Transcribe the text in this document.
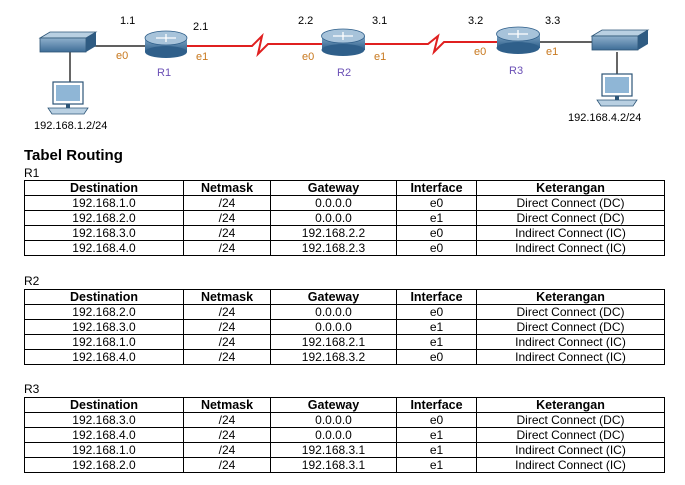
1.1	2.1	2.2	3.1	3.2	3.3
e0	e1	e0	e1	e0	e1
R1	R2	R3
192.168.1.2/24
192.168.4.2/24
Tabel Routing
R1
Destination	Netmask	Gateway	Interface	Keterangan
192.168.1.0	/24	0.0.0.0	e0	Direct Connect (DC)
192.168.2.0	/24	0.0.0.0	e1	Direct Connect (DC)
192.168.3.0	/24	192.168.2.2	e0	Indirect Connect (IC)
192.168.4.0	/24	192.168.2.3	e0	Indirect Connect (IC)
R2
Destination	Netmask	Gateway	Interface	Keterangan
192.168.2.0	/24	0.0.0.0	e0	Direct Connect (DC)
192.168.3.0	/24	0.0.0.0	e1	Direct Connect (DC)
192.168.1.0	/24	192.168.2.1	e1	Indirect Connect (IC)
192.168.4.0	/24	192.168.3.2	e0	Indirect Connect (IC)
R3
Destination	Netmask	Gateway	Interface	Keterangan
192.168.3.0	/24	0.0.0.0	e0	Direct Connect (DC)
192.168.4.0	/24	0.0.0.0	e1	Direct Connect (DC)
192.168.1.0	/24	192.168.3.1	e1	Indirect Connect (IC)
192.168.2.0	/24	192.168.3.1	e1	Indirect Connect (IC)
